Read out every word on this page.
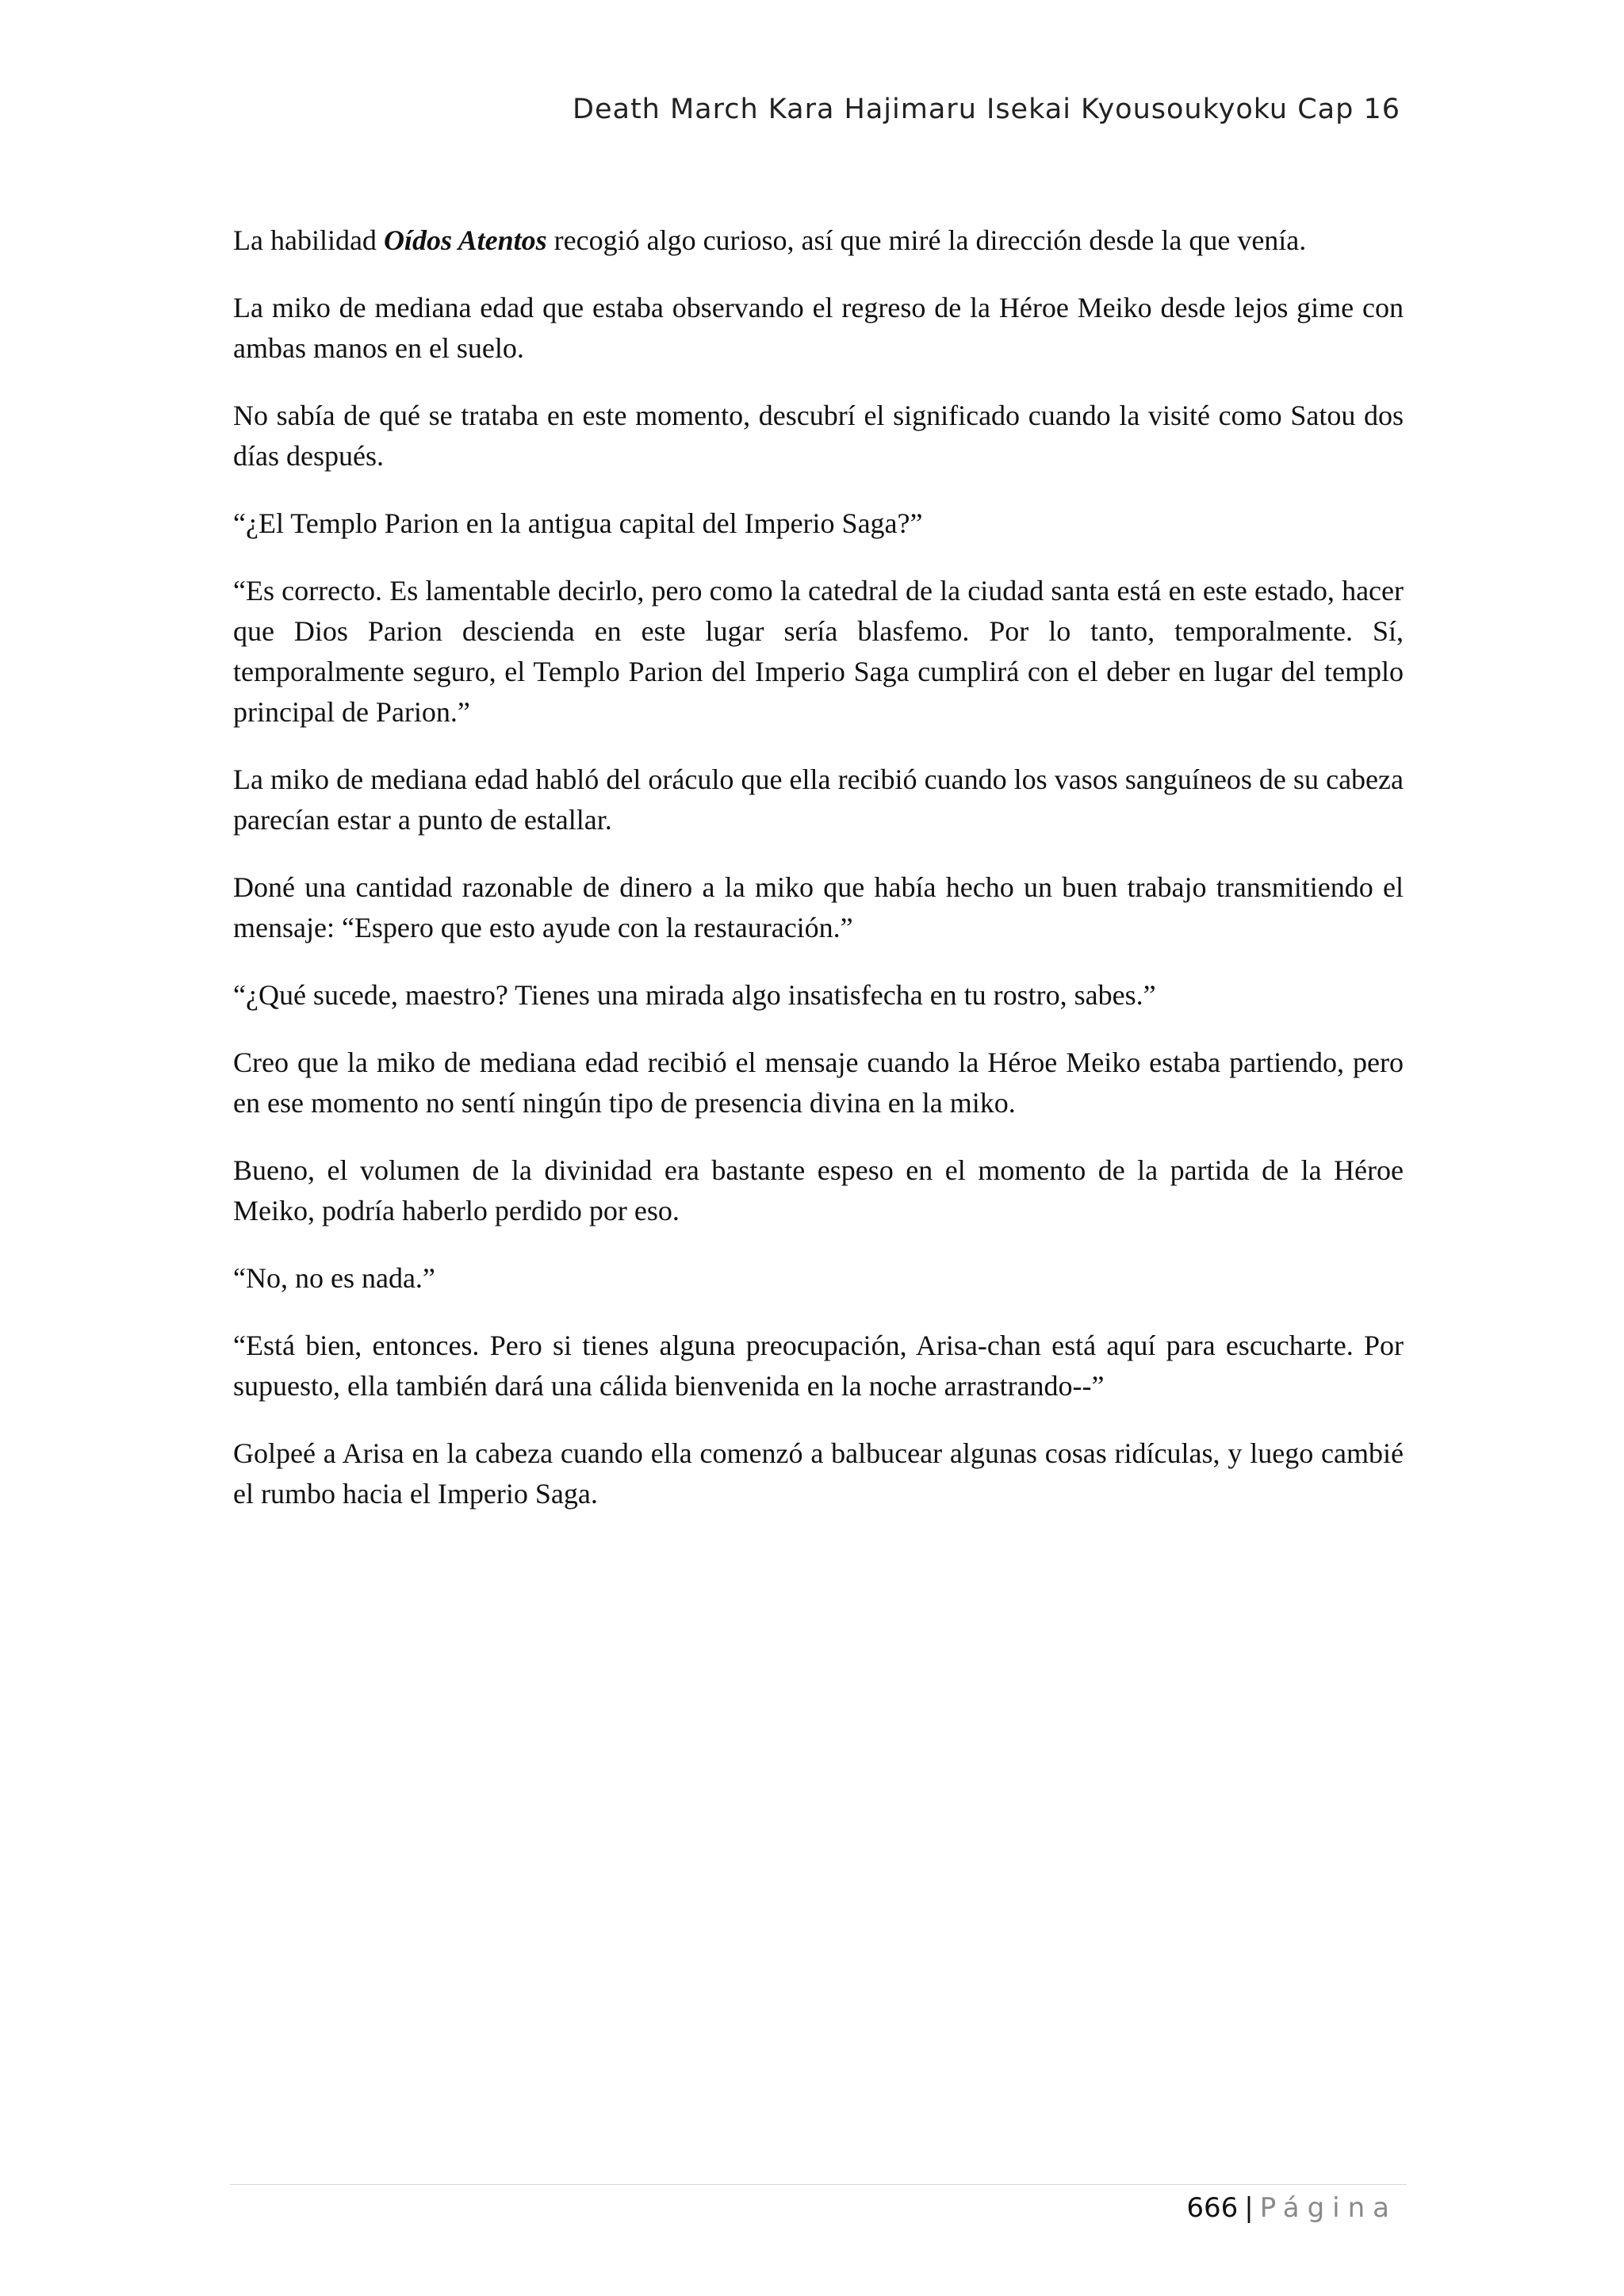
Death March Kara Hajimaru Isekai Kyousoukyoku Cap 16

La habilidad Oídos Atentos recogió algo curioso, así que miré la dirección desde la que venía.

La miko de mediana edad que estaba observando el regreso de la Héroe Meiko desde lejos gime con ambas manos en el suelo.

No sabía de qué se trataba en este momento, descubrí el significado cuando la visité como Satou dos días después.

“¿El Templo Parion en la antigua capital del Imperio Saga?”

“Es correcto. Es lamentable decirlo, pero como la catedral de la ciudad santa está en este estado, hacer que Dios Parion descienda en este lugar sería blasfemo. Por lo tanto, temporalmente. Sí, temporalmente seguro, el Templo Parion del Imperio Saga cumplirá con el deber en lugar del templo principal de Parion.”

La miko de mediana edad habló del oráculo que ella recibió cuando los vasos sanguíneos de su cabeza parecían estar a punto de estallar.

Doné una cantidad razonable de dinero a la miko que había hecho un buen trabajo transmitiendo el mensaje: “Espero que esto ayude con la restauración.”

“¿Qué sucede, maestro? Tienes una mirada algo insatisfecha en tu rostro, sabes.”

Creo que la miko de mediana edad recibió el mensaje cuando la Héroe Meiko estaba partiendo, pero en ese momento no sentí ningún tipo de presencia divina en la miko.

Bueno, el volumen de la divinidad era bastante espeso en el momento de la partida de la Héroe Meiko, podría haberlo perdido por eso.

“No, no es nada.”

“Está bien, entonces. Pero si tienes alguna preocupación, Arisa-chan está aquí para escucharte. Por supuesto, ella también dará una cálida bienvenida en la noche arrastrando--”

Golpeé a Arisa en la cabeza cuando ella comenzó a balbucear algunas cosas ridículas, y luego cambié el rumbo hacia el Imperio Saga.

666 | Página
